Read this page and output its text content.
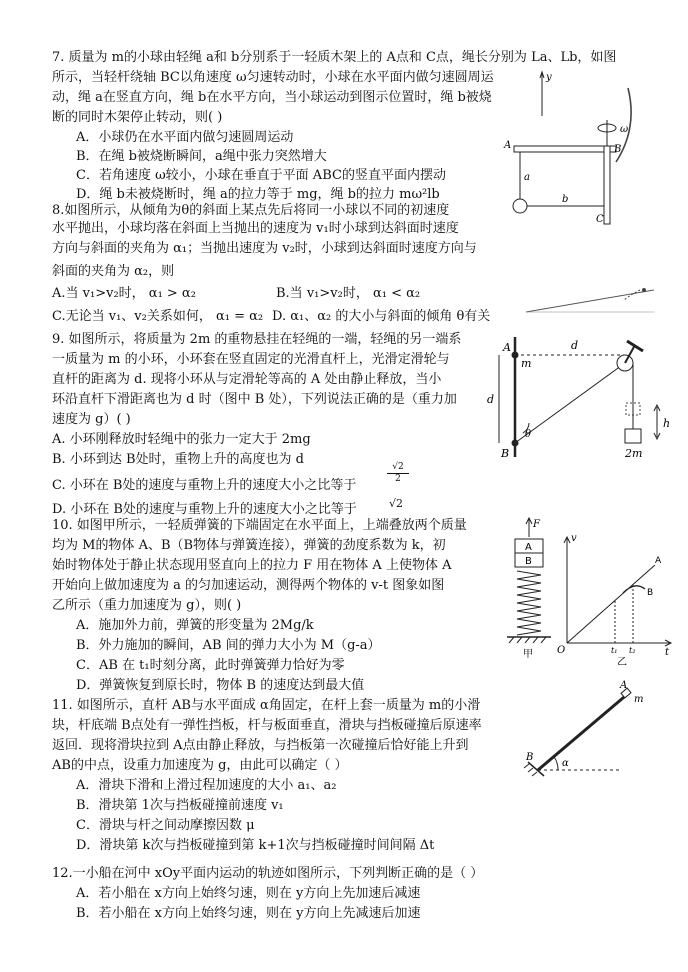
7. 质量为 m的小球由轻绳 a和 b分别系于一轻质木架上的 A点和 C点，绳长分别为 La、Lb，如图
所示，当轻杆绕轴 BC以角速度 ω匀速转动时，小球在水平面内做匀速圆周运
动，绳 a在竖直方向，绳 b在水平方向，当小球运动到图示位置时，绳 b被烧
断的同时木架停止转动，则( )
A．小球仍在水平面内做匀速圆周运动
B．在绳 b被烧断瞬间，a绳中张力突然增大
C．若角速度 ω较小，小球在垂直于平面 ABC的竖直平面内摆动
D．绳 b未被烧断时，绳 a的拉力等于 mg，绳 b的拉力 mω²lb
y
A	B
C
a
b
ω
8.如图所示，从倾角为θ的斜面上某点先后将同一小球以不同的初速度
水平抛出，小球均落在斜面上当抛出的速度为 v₁时小球到达斜面时速度
方向与斜面的夹角为 α₁；当抛出速度为 v₂时，小球到达斜面时速度方向与
斜面的夹角为 α₂，则
A.当 v₁>v₂时， α₁ > α₂	B.当 v₁>v₂时， α₁ < α₂
C.无论当 v₁、v₂关系如何， α₁ = α₂ D. α₁、α₂ 的大小与斜面的倾角 θ有关
9. 如图所示，将质量为 2m 的重物悬挂在轻绳的一端，轻绳的另一端系
一质量为 m 的小环，小环套在竖直固定的光滑直杆上，光滑定滑轮与
直杆的距离为 d. 现将小环从与定滑轮等高的 A 处由静止释放，当小
环沿直杆下滑距离也为 d 时（图中 B 处），下列说法正确的是（重力加
速度为 g）( )
A. 小环刚释放时轻绳中的张力一定大于 2mg
B. 小环到达 B处时，重物上升的高度也为 d
C. 小环在 B处的速度与重物上升的速度大小之比等于
$\frac{√2}{2}$
D. 小环在 B处的速度与重物上升的速度大小之比等于	√2
A
m
d
d
B
θ
h
2m
10. 如图甲所示，一轻质弹簧的下端固定在水平面上，上端叠放两个质量
均为 M的物体 A、B（B物体与弹簧连接），弹簧的劲度系数为 k，初
始时物体处于静止状态现用竖直向上的拉力 F 用在物体 A 上使物体 A
开始向上做加速度为 a 的匀加速运动，测得两个物体的 v-t 图象如图
乙所示（重力加速度为 g），则( )
A．施加外力前，弹簧的形变量为 2Mg/k
B．外力施加的瞬间，AB 间的弹力大小为 M（g-a）
C．AB 在 t₁时刻分离，此时弹簧弹力恰好为零
D．弹簧恢复到原长时，物体 B 的速度达到最大值
F
A
B
甲
v
A
B
O	t₁ t₂	t
乙
11. 如图所示，直杆 AB与水平面成 α角固定，在杆上套一质量为 m的小滑
块，杆底端 B点处有一弹性挡板，杆与板面垂直，滑块与挡板碰撞后原速率
返回．现将滑块拉到 A点由静止释放，与挡板第一次碰撞后恰好能上升到
AB的中点，设重力加速度为 g，由此可以确定（ ）
A．滑块下滑和上滑过程加速度的大小 a₁、a₂
B．滑块第 1次与挡板碰撞前速度 v₁
C．滑块与杆之间动摩擦因数 μ
D．滑块第 k次与挡板碰撞到第 k+1次与挡板碰撞时间间隔 Δt
A
m
B
α
12.一小船在河中 xOy平面内运动的轨迹如图所示，下列判断正确的是（ ）
A．若小船在 x方向上始终匀速，则在 y方向上先加速后减速
B．若小船在 x方向上始终匀速，则在 y方向上先减速后加速
